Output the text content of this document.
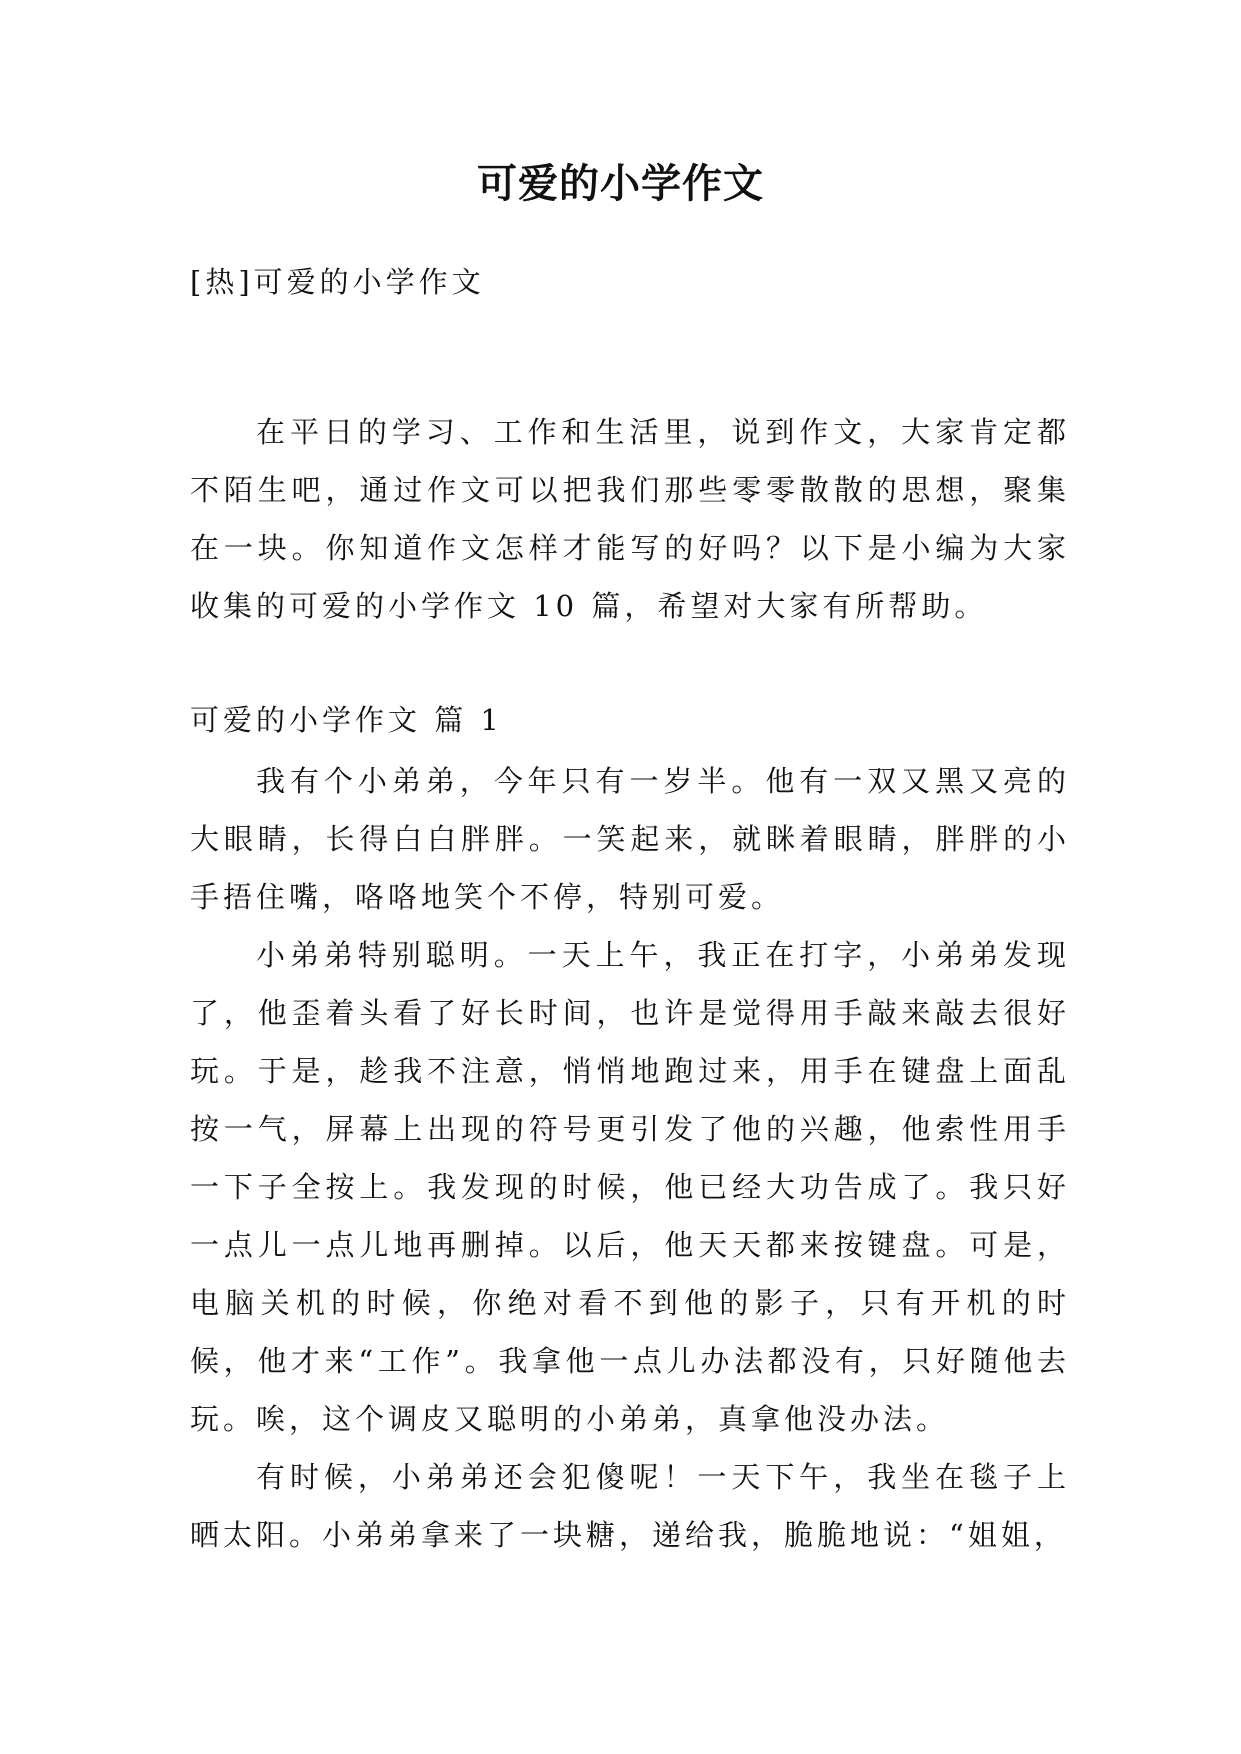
可爱的小学作文

[热]可爱的小学作文

在平日的学习、工作和生活里，说到作文，大家肯定都不陌生吧，通过作文可以把我们那些零零散散的思想，聚集在一块。你知道作文怎样才能写的好吗？以下是小编为大家收集的可爱的小学作文 10 篇，希望对大家有所帮助。

可爱的小学作文 篇 1

我有个小弟弟，今年只有一岁半。他有一双又黑又亮的大眼睛，长得白白胖胖。一笑起来，就眯着眼睛，胖胖的小手捂住嘴，咯咯地笑个不停，特别可爱。

小弟弟特别聪明。一天上午，我正在打字，小弟弟发现了，他歪着头看了好长时间，也许是觉得用手敲来敲去很好玩。于是，趁我不注意，悄悄地跑过来，用手在键盘上面乱按一气，屏幕上出现的符号更引发了他的兴趣，他索性用手一下子全按上。我发现的时候，他已经大功告成了。我只好一点儿一点儿地再删掉。以后，他天天都来按键盘。可是，电脑关机的时候，你绝对看不到他的影子，只有开机的时候，他才来“工作”。我拿他一点儿办法都没有，只好随他去玩。唉，这个调皮又聪明的小弟弟，真拿他没办法。

有时候，小弟弟还会犯傻呢！一天下午，我坐在毯子上晒太阳。小弟弟拿来了一块糖，递给我，脆脆地说：“姐姐，
